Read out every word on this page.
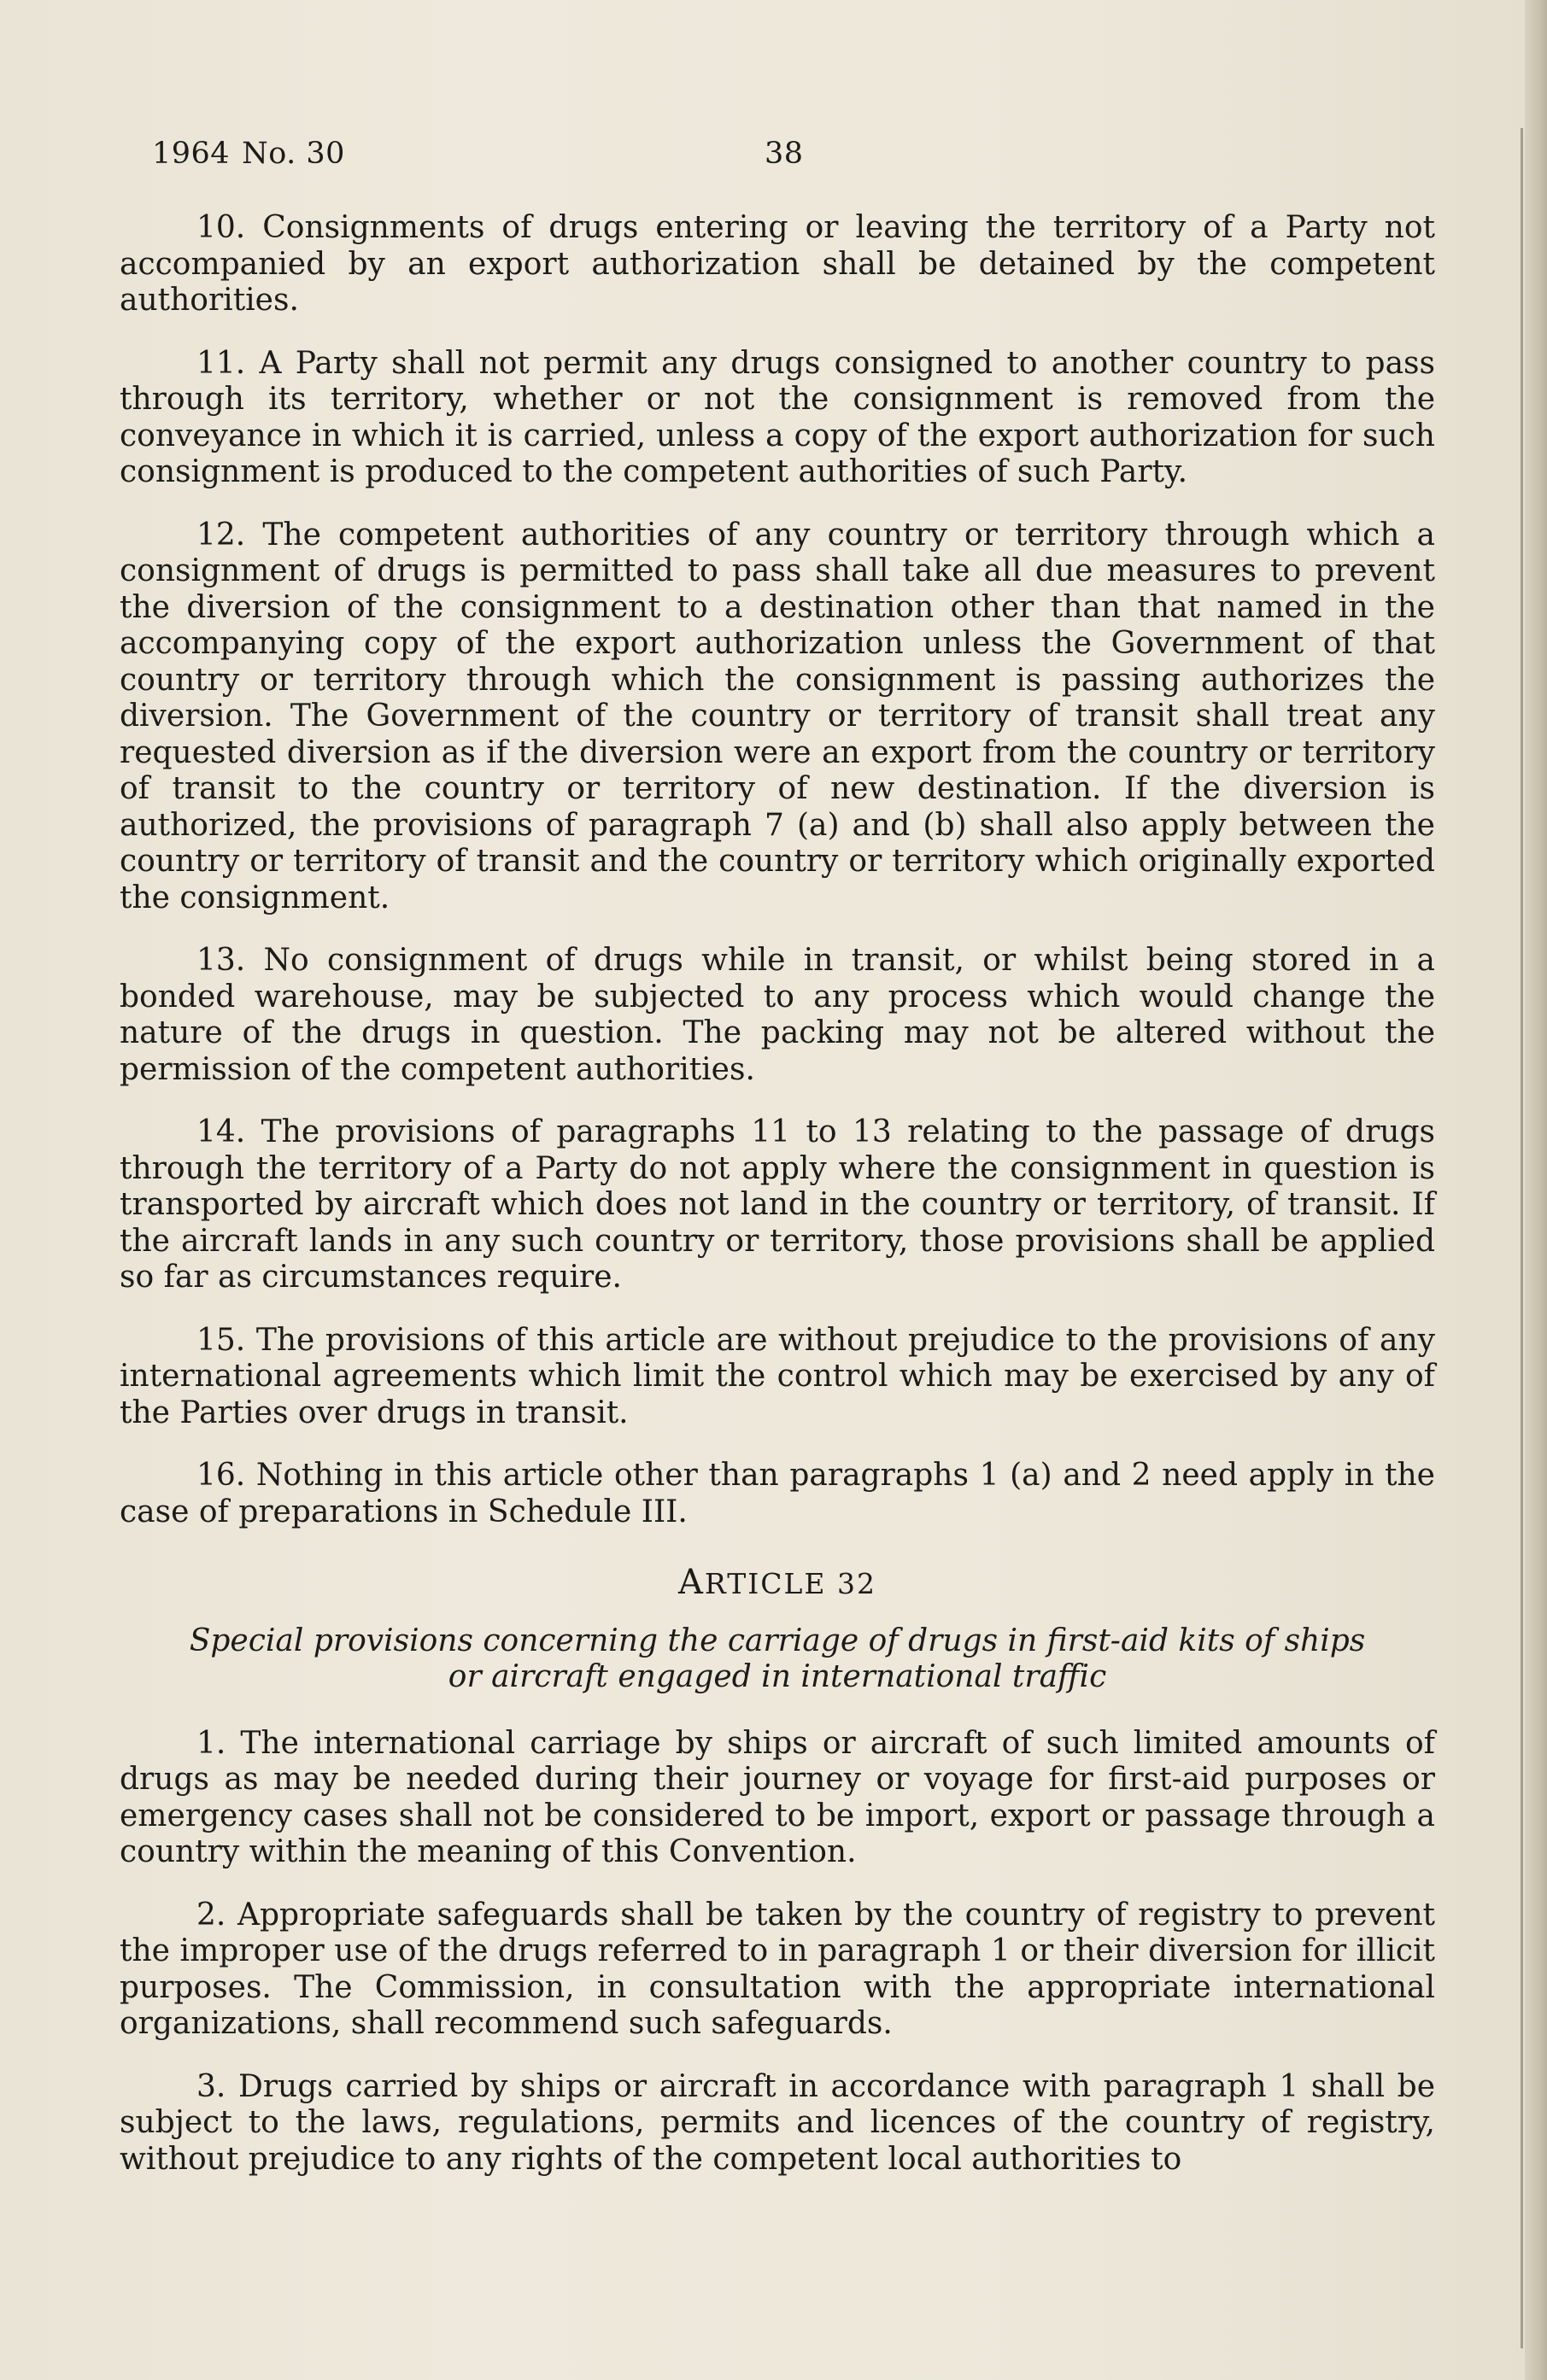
1964 No. 30	38

10. Consignments of drugs entering or leaving the territory of a Party not accompanied by an export authorization shall be detained by the competent authorities.

11. A Party shall not permit any drugs consigned to another country to pass through its territory, whether or not the consignment is removed from the conveyance in which it is carried, unless a copy of the export authorization for such consignment is produced to the competent authorities of such Party.

12. The competent authorities of any country or territory through which a consignment of drugs is permitted to pass shall take all due measures to prevent the diversion of the consignment to a destination other than that named in the accompanying copy of the export authorization unless the Government of that country or territory through which the consignment is passing authorizes the diversion. The Government of the country or territory of transit shall treat any requested diversion as if the diversion were an export from the country or territory of transit to the country or territory of new destination. If the diversion is authorized, the provisions of paragraph 7 (a) and (b) shall also apply between the country or territory of transit and the country or territory which originally exported the consignment.

13. No consignment of drugs while in transit, or whilst being stored in a bonded warehouse, may be subjected to any process which would change the nature of the drugs in question. The packing may not be altered without the permission of the competent authorities.

14. The provisions of paragraphs 11 to 13 relating to the passage of drugs through the territory of a Party do not apply where the consignment in question is transported by aircraft which does not land in the country or territory, of transit. If the aircraft lands in any such country or territory, those provisions shall be applied so far as circumstances require.

15. The provisions of this article are without prejudice to the provisions of any international agreements which limit the control which may be exercised by any of the Parties over drugs in transit.

16. Nothing in this article other than paragraphs 1 (a) and 2 need apply in the case of preparations in Schedule III.

ARTICLE 32
Special provisions concerning the carriage of drugs in first-aid kits of ships or aircraft engaged in international traffic

1. The international carriage by ships or aircraft of such limited amounts of drugs as may be needed during their journey or voyage for first-aid purposes or emergency cases shall not be considered to be import, export or passage through a country within the meaning of this Convention.

2. Appropriate safeguards shall be taken by the country of registry to prevent the improper use of the drugs referred to in paragraph 1 or their diversion for illicit purposes. The Commission, in consultation with the appropriate international organizations, shall recommend such safeguards.

3. Drugs carried by ships or aircraft in accordance with paragraph 1 shall be subject to the laws, regulations, permits and licences of the country of registry, without prejudice to any rights of the competent local authorities to
